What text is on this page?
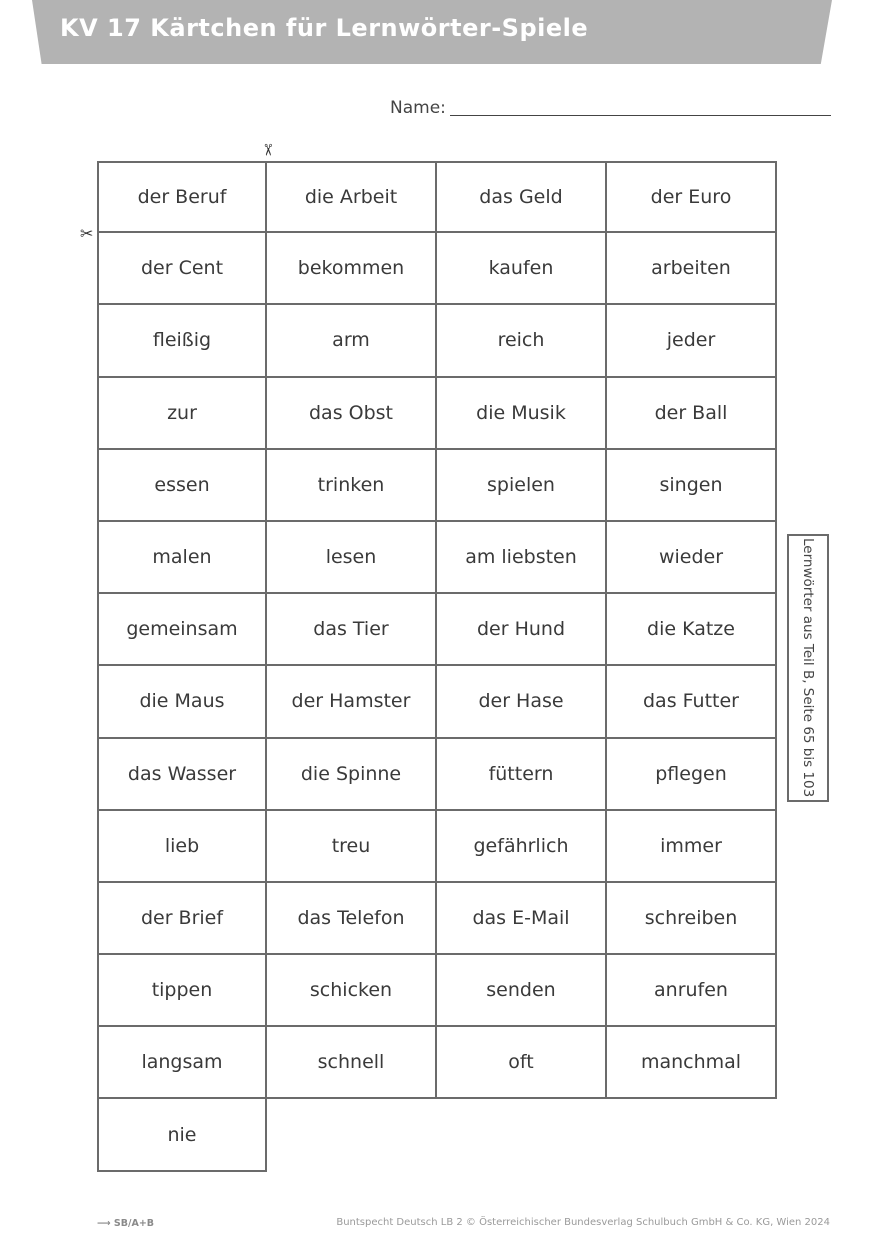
KV 17 Kärtchen für Lernwörter-Spiele
Name:
✂
✂
der Beruf	die Arbeit	das Geld	der Euro
der Cent	bekommen	kaufen	arbeiten
fleißig	arm	reich	jeder
zur	das Obst	die Musik	der Ball
essen	trinken	spielen	singen
malen	lesen	am liebsten	wieder
gemeinsam	das Tier	der Hund	die Katze
die Maus	der Hamster	der Hase	das Futter
das Wasser	die Spinne	füttern	pflegen
lieb	treu	gefährlich	immer
der Brief	das Telefon	das E-Mail	schreiben
tippen	schicken	senden	anrufen
langsam	schnell	oft	manchmal
nie
Lernwörter aus Teil B, Seite 65 bis 103
⟶ SB/A+B	Buntspecht Deutsch LB 2 © Österreichischer Bundesverlag Schulbuch GmbH & Co. KG, Wien 2024
